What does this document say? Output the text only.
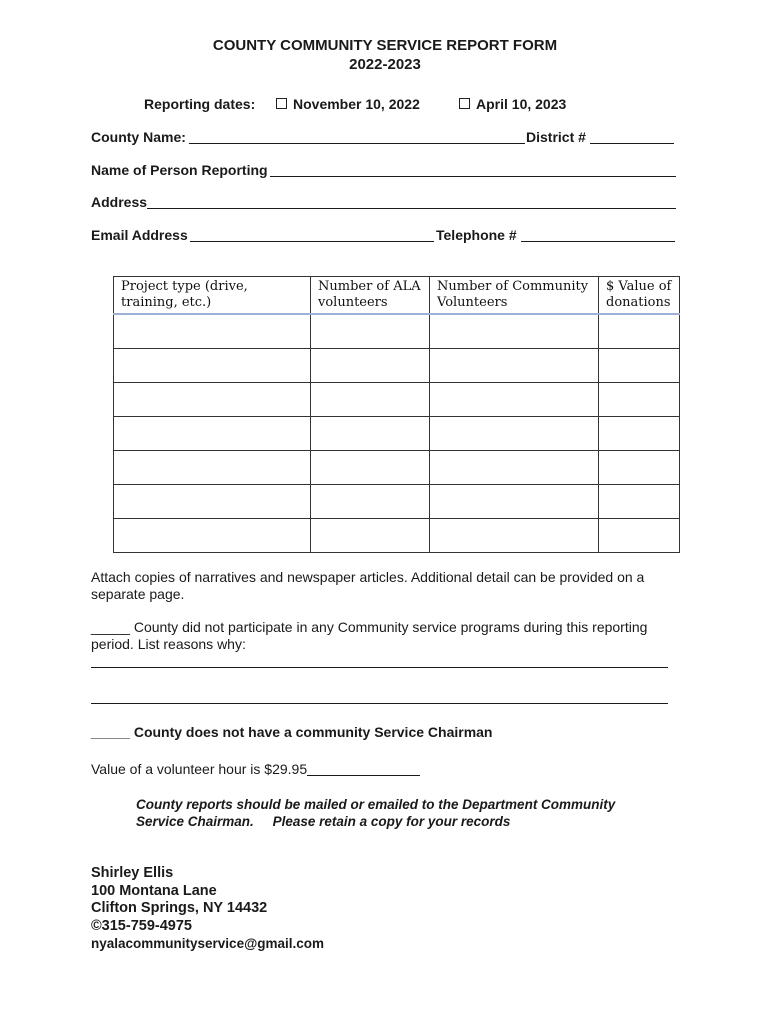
COUNTY COMMUNITY SERVICE REPORT FORM
2022-2023
Reporting dates:	November 10, 2022	April 10, 2023
County Name:	District #
Name of Person Reporting
Address
Email Address	Telephone #
Project type (drive, training, etc.)	Number of ALA volunteers	Number of Community Volunteers	$ Value of donations

Attach copies of narratives and newspaper articles. Additional detail can be provided on a separate page.
_____ County did not participate in any Community service programs during this reporting period. List reasons why:
_____ County does not have a community Service Chairman
Value of a volunteer hour is $29.95
County reports should be mailed or emailed to the Department Community Service Chairman. Please retain a copy for your records
Shirley Ellis
100 Montana Lane
Clifton Springs, NY 14432
©315-759-4975
nyalacommunityservice@gmail.com
